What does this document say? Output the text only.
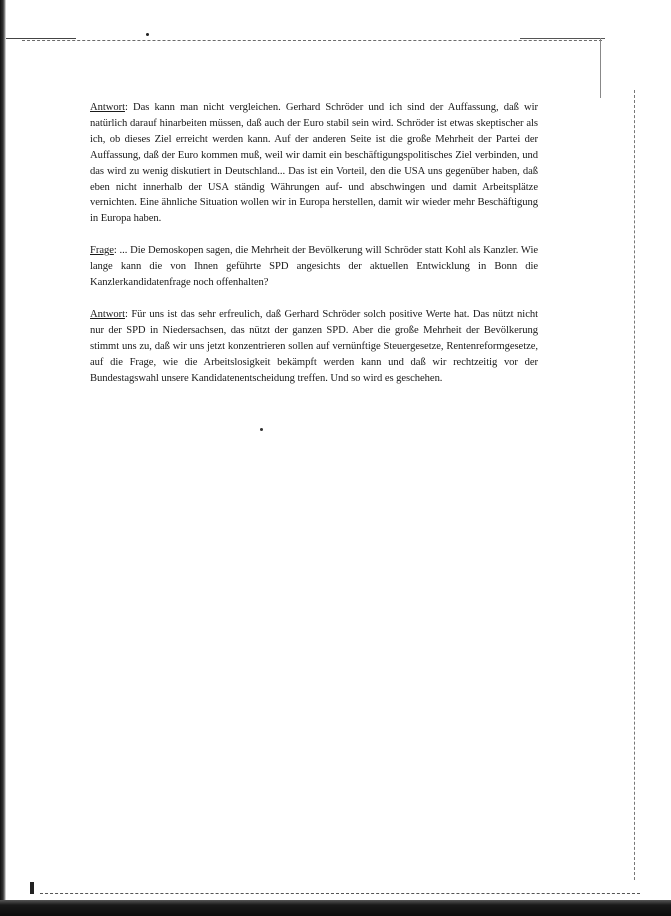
Antwort: Das kann man nicht vergleichen. Gerhard Schröder und ich sind der Auffassung, daß wir natürlich darauf hinarbeiten müssen, daß auch der Euro stabil sein wird. Schröder ist etwas skeptischer als ich, ob dieses Ziel erreicht werden kann. Auf der anderen Seite ist die große Mehrheit der Partei der Auffassung, daß der Euro kommen muß, weil wir damit ein beschäftigungspolitisches Ziel verbinden, und das wird zu wenig diskutiert in Deutschland... Das ist ein Vorteil, den die USA uns gegenüber haben, daß eben nicht innerhalb der USA ständig Währungen auf- und abschwingen und damit Arbeitsplätze vernichten. Eine ähnliche Situation wollen wir in Europa herstellen, damit wir wieder mehr Beschäftigung in Europa haben.

Frage: ... Die Demoskopen sagen, die Mehrheit der Bevölkerung will Schröder statt Kohl als Kanzler. Wie lange kann die von Ihnen geführte SPD angesichts der aktuellen Entwicklung in Bonn die Kanzlerkandidatenfrage noch offenhalten?

Antwort: Für uns ist das sehr erfreulich, daß Gerhard Schröder solch positive Werte hat. Das nützt nicht nur der SPD in Niedersachsen, das nützt der ganzen SPD. Aber die große Mehrheit der Bevölkerung stimmt uns zu, daß wir uns jetzt konzentrieren sollen auf vernünftige Steuergesetze, Rentenreformgesetze, auf die Frage, wie die Arbeitslosigkeit bekämpft werden kann und daß wir rechtzeitig vor der Bundestagswahl unsere Kandidatenentscheidung treffen. Und so wird es geschehen.
